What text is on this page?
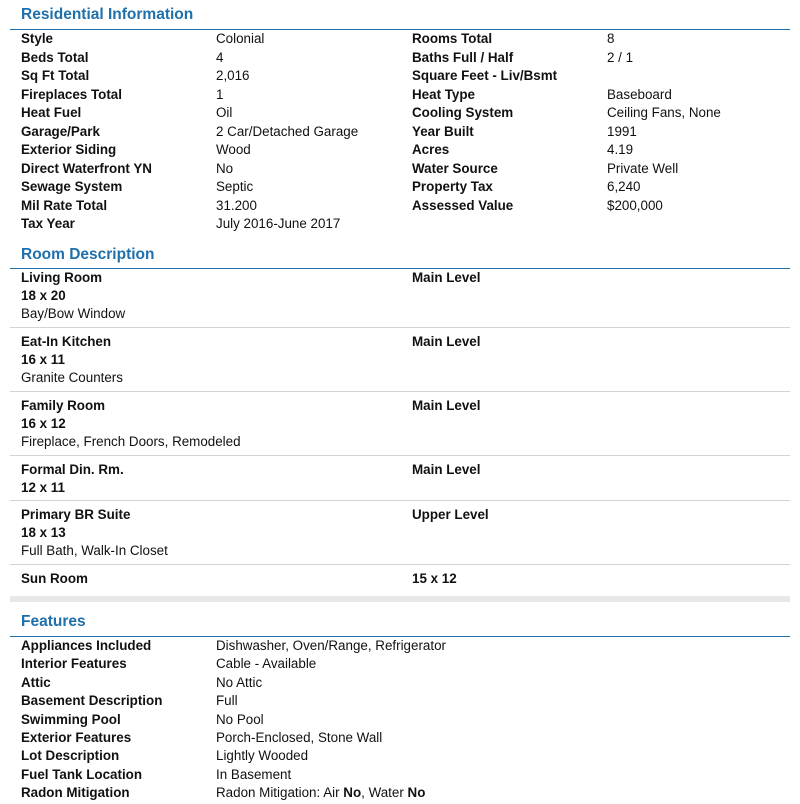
Residential Information
Style	Colonial	Rooms Total	8
Beds Total	4	Baths Full / Half	2 / 1
Sq Ft Total	2,016	Square Feet - Liv/Bsmt
Fireplaces Total	1	Heat Type	Baseboard
Heat Fuel	Oil	Cooling System	Ceiling Fans, None
Garage/Park	2 Car/Detached Garage	Year Built	1991
Exterior Siding	Wood	Acres	4.19
Direct Waterfront YN	No	Water Source	Private Well
Sewage System	Septic	Property Tax	6,240
Mil Rate Total	31.200	Assessed Value	$200,000
Tax Year	July 2016-June 2017
Room Description
Living Room	Main Level
18 x 20
Bay/Bow Window
Eat-In Kitchen	Main Level
16 x 11
Granite Counters
Family Room	Main Level
16 x 12
Fireplace, French Doors, Remodeled
Formal Din. Rm.	Main Level
12 x 11
Primary BR Suite	Upper Level
18 x 13
Full Bath, Walk-In Closet
Sun Room	15 x 12
Features
Appliances Included	Dishwasher, Oven/Range, Refrigerator
Interior Features	Cable - Available
Attic	No Attic
Basement Description	Full
Swimming Pool	No Pool
Exterior Features	Porch-Enclosed, Stone Wall
Lot Description	Lightly Wooded
Fuel Tank Location	In Basement
Radon Mitigation	Radon Mitigation: Air No, Water No
